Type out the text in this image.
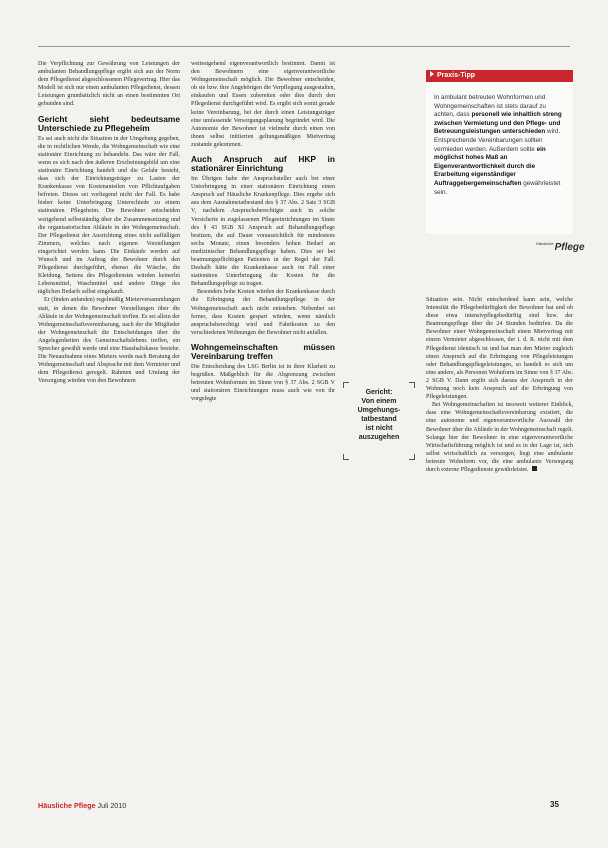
Die Verpflichtung zur Gewährung von Leistungen der ambulanten Behandlungspflege ergibt sich aus der Norm dem Pflegedienst abgeschlossenen Pflegevertrag. Hier das Modell ist sich nur einen ambulanten Pflegedienst, dessen Leistungen grundsätzlich nicht an einen bestimmten Ort gebunden sind.

Gericht sieht bedeutsame Unterschiede zu Pflegeheim

Es sei auch nicht die Situation in der Umgebung gegeben, die in rechtlichen Wende, die Wohngemeinschaft wie eine stationäre Einrichtung zu behandeln. Das wäre der Fall, wenn es sich nach den äußeren Erscheinungsbild um eine stationäre Einrichtung handelt und die Gefahr besteht, dass sich der Einrichtungsträger zu Lasten der Krankenkasse von Kostenanteilen von Pflichtaufgaben befreien. Dieses sei vorliegend nicht der Fall. Es habe bisher keine Unterbringung Unterschiede zu einem stationären Pflegeheim. Die Bewohner entscheiden weitgehend selbstständig über die Zusammensetzung und die organisatorischen Abläufe in der Wohngemeinschaft. Der Pflegedienst der Ausrichtung eines nicht auffälligen Zimmers, welches nach eigenen Vorstellungen eingerichtet werden kann. Die Einkäufe werden auf Wunsch und im Auftrag der Bewohner durch den Pflegedienst durchgeführt, ebenso die Wäsche, die Kleidung. Seitens des Pflegedienstes würden keinerlei Lebensmittel, Waschmittel und andere Dinge des täglichen Bedarfs selbst eingekauft.

Er (finden anfanden) regelmäßig Mieterversammlungen statt, in denen die Bewohner Vorstellungen über die Abläufe in der Wohngemeinschaft treffen. Es sei allein der Wohngemeinschaftsvereinbarung, nach der die Mitglieder der Wohngemeinschaft die Entscheidungen über die Angelegenheiten des Gemeinschaftslebens treffen, ein Sprecher gewählt werde und eine Haushaltskasse bestehe. Die Neuaufnahme eines Mieters werde nach Beratung der Wohngemeinschaft und Absprache mit dem Vermieter und dem Pflegedienst geregelt. Rahmen und Umfang der Versorgung würden von den Bewohnern

weitestgehend eigenverantwortlich bestimmt. Damit ist den Bewohnern eine eigenverantwortliche Wohngemeinschaft möglich. Die Bewohner entscheiden, ob sie bzw. ihre Angehörigen die Verpflegung ausgestalten, einkaufen und Essen zubereiten oder dies durch den Pflegedienst durchgeführt wird. Es ergibt sich somit gerade keine Vereinbarung, bei der durch einen Leistungsträger eine umfassende Versorgungsplanung begründet wird. Die Autonomie der Bewohner ist vielmehr durch einen von ihnen selbst initiierten geltungsmäßigen Mietvertrag zustande gekommen.

Auch Anspruch auf HKP in stationärer Einrichtung

Im Übrigen habe der Anspruchsteller auch bei einer Unterbringung in einer stationären Einrichtung einen Anspruch auf Häusliche Krankenpflege. Dies ergebe sich aus dem Ausnahmetatbestand des § 37 Abs. 2 Satz 3 SGB V, nachdem Anspruchsberechtigte auch in solche Versicherte in zugelassenen Pflegeeinrichtungen im Sinne des § 43 SGB XI Anspruch auf Behandlungspflege besitzen, die auf Dauer voraussichtlich für mindestens sechs Monate, einen besonders hohen Bedarf an medizinischer Behandlungspflege haben. Dies sei bei beatmungspflichtigen Patienten in der Regel der Fall. Deshalb hätte die Krankenkasse auch im Fall einer stationären Unterbringung die Kosten für die Behandlungspflege zu tragen.

Besonders hohe Kosten würden der Krankenkasse durch die Erbringung der Behandlungspflege in der Wohngemeinschaft auch nicht entstehen. Nebenbei sei ferner, dass Kosten gespart würden, wenn nämlich anspruchsberechtigt wird und Fahrtkosten zu den verschiedenen Wohnungen der Bewohner nicht anfallen.

Wohngemeinschaften müssen Vereinbarung treffen

Die Entscheidung des LSG Berlin ist in ihrer Klarheit zu begrüßen. Maßgeblich für die Abgrenzung zwischen betreuten Wohnformen im Sinne von § 37 Abs. 2 SGB V und stationären Einrichtungen muss auch wie von ihr vorgelegte

Praxis-Tipp
In ambulant betreuten Wohnformen und Wohngemeinschaften ist stets darauf zu achten, dass personell wie inhaltlich streng zwischen Vermietung und den Pflege- und Betreuungsleistungen unterschieden wird. Entsprechende Vereinbarungen sollten vermieden werden. Außerdem sollte ein möglichst hohes Maß an Eigenverantwortlichkeit durch die Erarbeitung eigenständiger Auftraggebergemeinschaften gewährleistet sein.
$^{Häusliche}$Pflege
Gericht:
Von einem
Umgehungs-
tatbestand
ist nicht
auszugehen

Situation sein. Nicht entscheidend kann sein, welche Intensität die Pflegebedürftigkeit der Bewohner hat und ob diese etwa intensivpflegebedürftig sind bzw. der Beatmungspflege über die 24 Stunden bedürfen. Da die Bewohner einer Wohngemeinschaft einen Mietvertrag mit einem Vermieter abgeschlossen, der i. d. R. nicht mit dem Pflegedienst identisch ist und hat man den Mieter zugleich einen Anspruch auf die Erbringung von Pflegeleistungen oder Behandlungspflegeleistungen, so handelt es sich um eine andere, als Personen Wohnform im Sinne von § 37 Abs. 2 SGB V. Dann ergibt sich daraus der Anspruch in der Wohnung noch kein Anspruch auf die Erbringung von Pflegeleistungen.

Bei Wohngemeinschaften ist insoweit weiterer Einblick, dass eine Wohngemeinschaftsvereinbarung existiert, die eine autonome und eigenverantwortliche Auswahl der Bewohner über die Abläufe in der Wohngemeinschaft regelt. Solange hier der Bewohner in eine eigenverantwortliche Wirtschaftsführung möglich ist und es in der Lage ist, sich selbst wirtschaftlich zu versorgen, liegt eine ambulante betreute Wohnform vor, die eine ambulante Versorgung durch externe Pflegedienste gewährleistet.

Häusliche Pflege Juli 2010	35
